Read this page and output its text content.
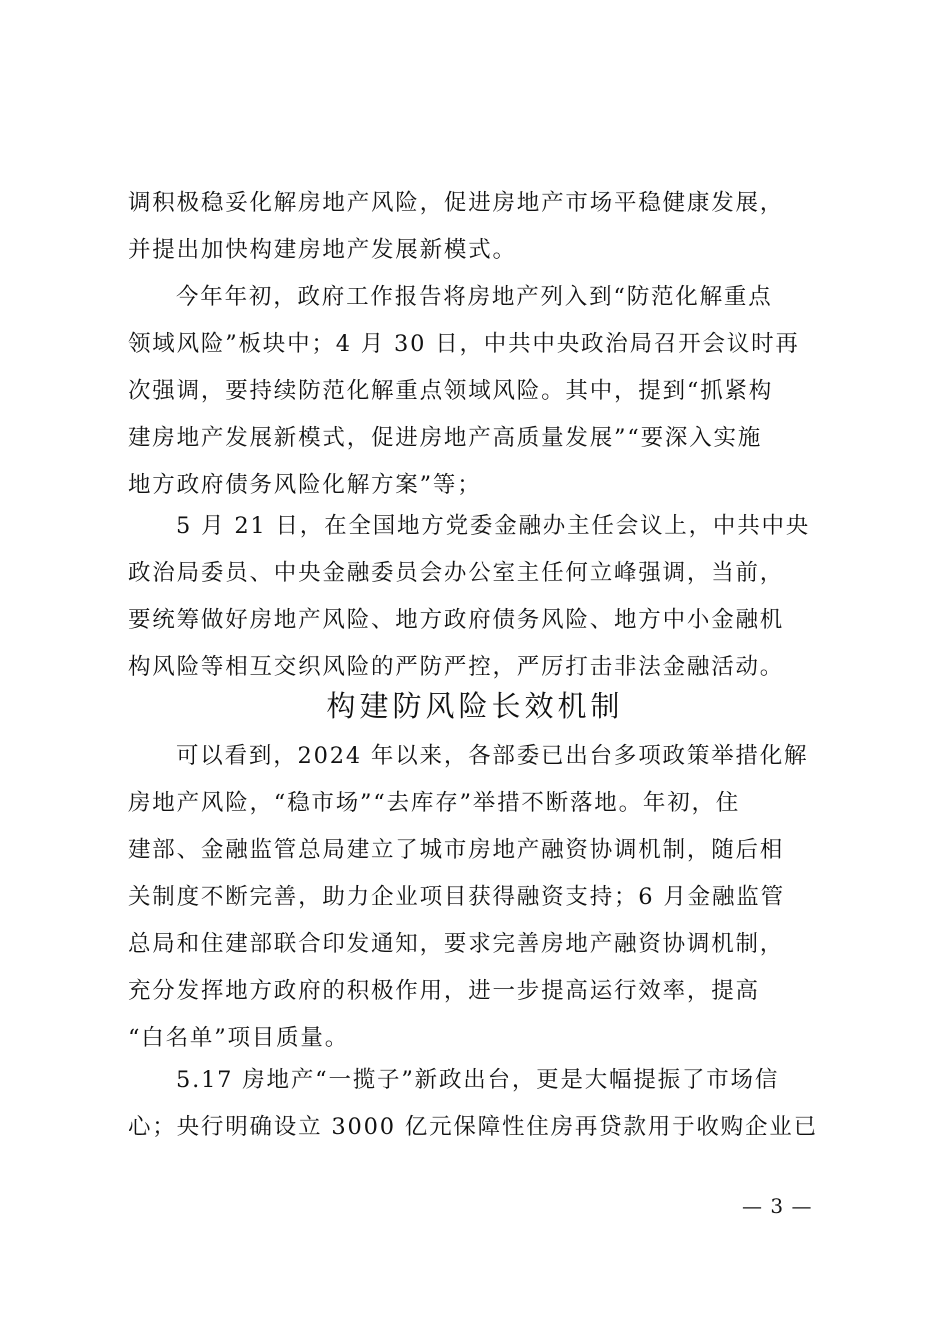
调积极稳妥化解房地产风险，促进房地产市场平稳健康发展，
并提出加快构建房地产发展新模式。
今年年初，政府工作报告将房地产列入到“防范化解重点
领域风险”板块中；4 月 30 日，中共中央政治局召开会议时再
次强调，要持续防范化解重点领域风险。其中，提到“抓紧构
建房地产发展新模式，促进房地产高质量发展”“要深入实施
地方政府债务风险化解方案”等；
5 月 21 日，在全国地方党委金融办主任会议上，中共中央
政治局委员、中央金融委员会办公室主任何立峰强调，当前，
要统筹做好房地产风险、地方政府债务风险、地方中小金融机
构风险等相互交织风险的严防严控，严厉打击非法金融活动。
构建防风险长效机制
可以看到，2024 年以来，各部委已出台多项政策举措化解
房地产风险，“稳市场”“去库存”举措不断落地。年初，住
建部、金融监管总局建立了城市房地产融资协调机制，随后相
关制度不断完善，助力企业项目获得融资支持；6 月金融监管
总局和住建部联合印发通知，要求完善房地产融资协调机制，
充分发挥地方政府的积极作用，进一步提高运行效率，提高
“白名单”项目质量。
5.17 房地产“一揽子”新政出台，更是大幅提振了市场信
心；央行明确设立 3000 亿元保障性住房再贷款用于收购企业已
— 3 —
